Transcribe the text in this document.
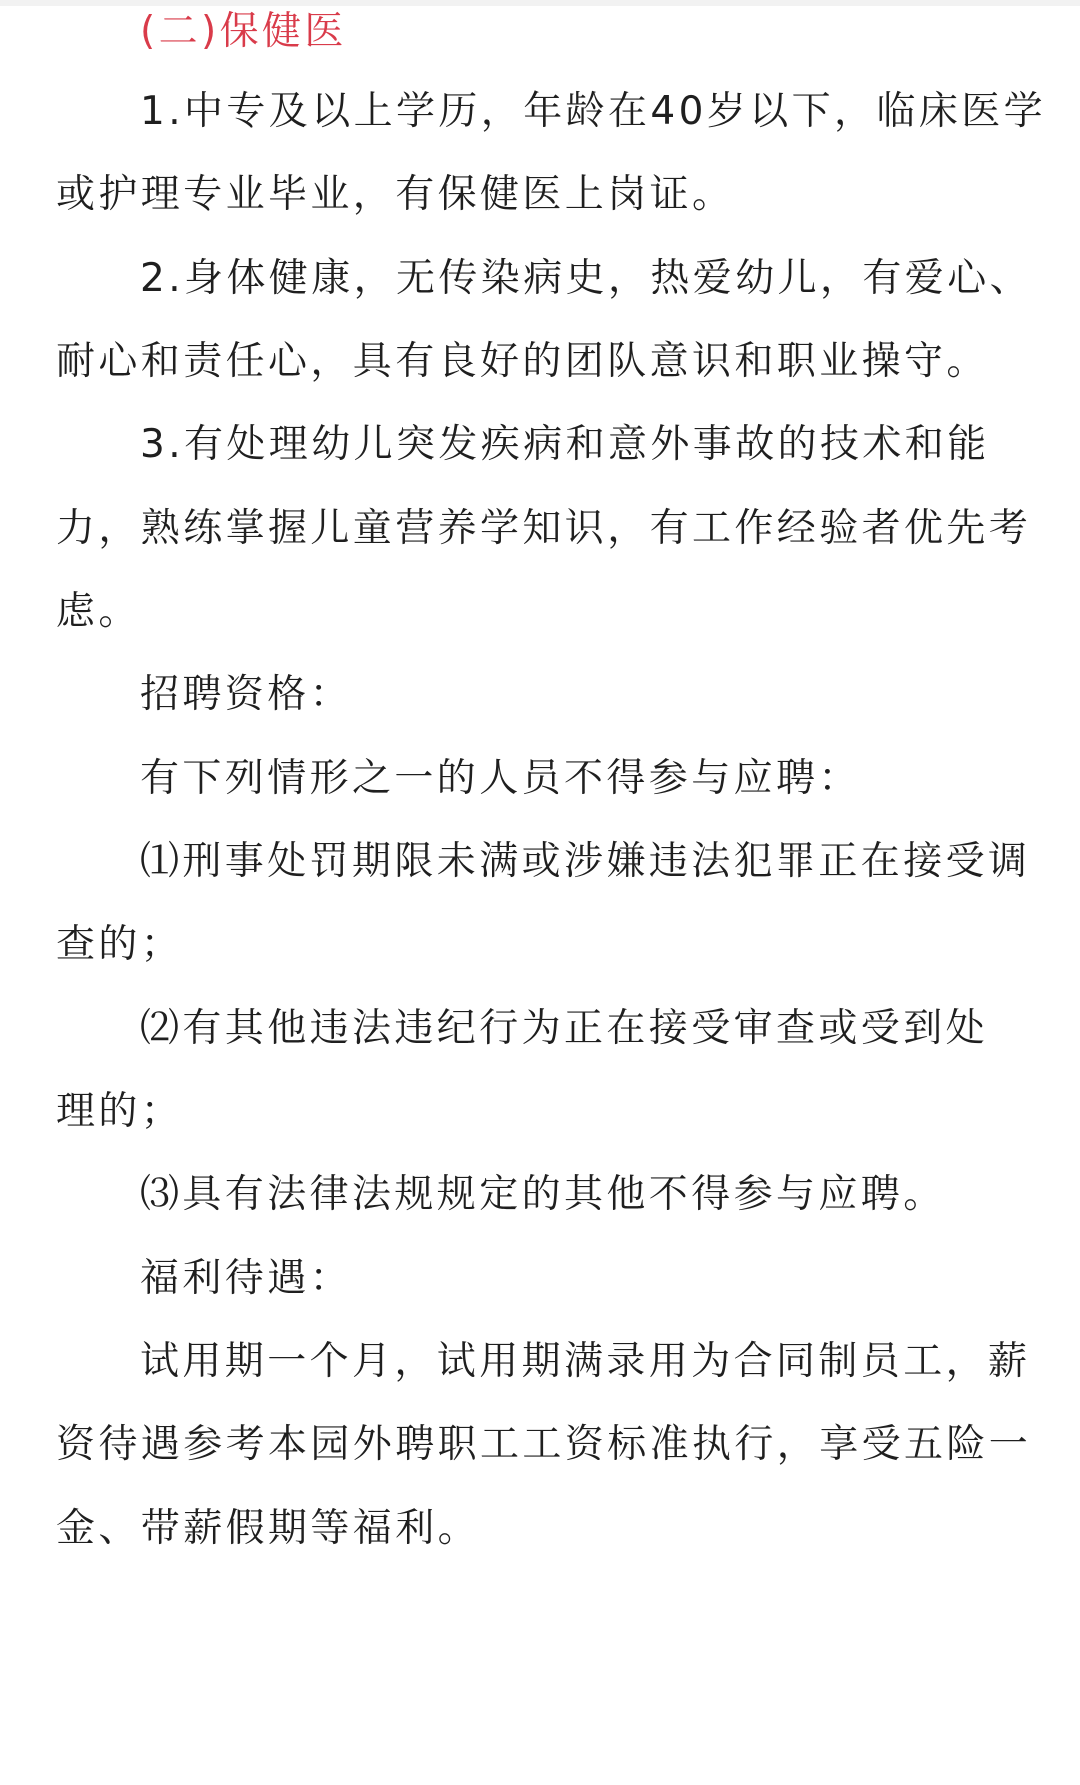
(二)保健医
1.中专及以上学历，年龄在40岁以下，临床医学
或护理专业毕业，有保健医上岗证。
2.身体健康，无传染病史，热爱幼儿，有爱心、
耐心和责任心，具有良好的团队意识和职业操守。
3.有处理幼儿突发疾病和意外事故的技术和能
力，熟练掌握儿童营养学知识，有工作经验者优先考
虑。
招聘资格：
有下列情形之一的人员不得参与应聘：
⑴刑事处罚期限未满或涉嫌违法犯罪正在接受调
查的；
⑵有其他违法违纪行为正在接受审查或受到处
理的；
⑶具有法律法规规定的其他不得参与应聘。
福利待遇：
试用期一个月，试用期满录用为合同制员工，薪
资待遇参考本园外聘职工工资标准执行，享受五险一
金、带薪假期等福利。
